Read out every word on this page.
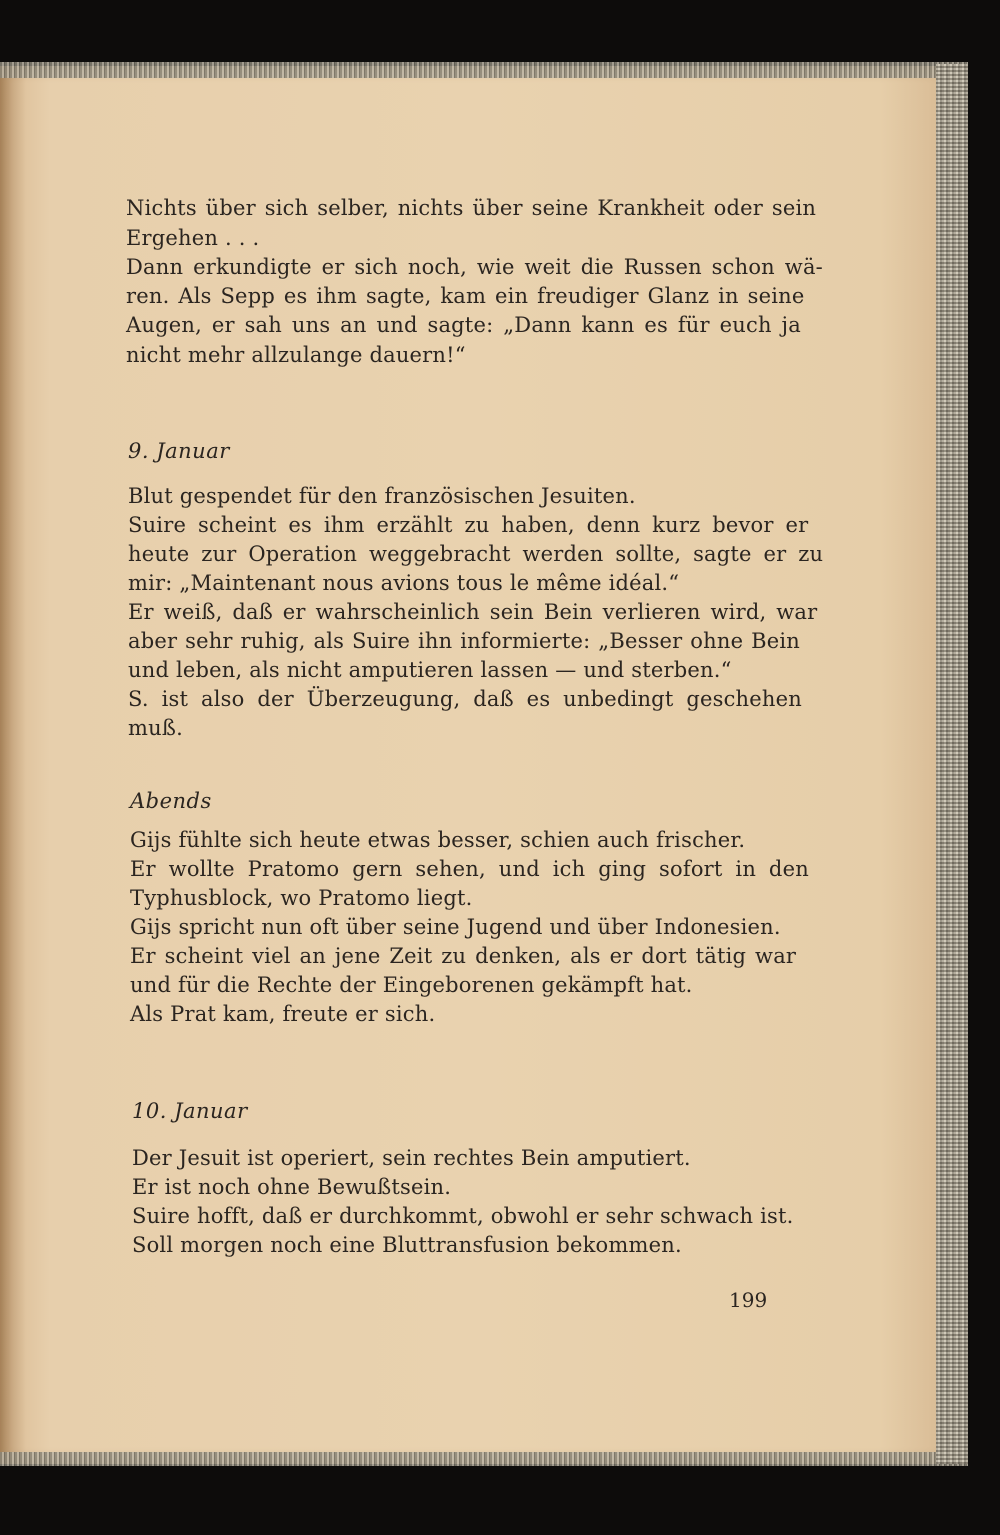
Nichts über sich selber, nichts über seine Krankheit oder sein
Ergehen . . .
Dann erkundigte er sich noch, wie weit die Russen schon wä-
ren. Als Sepp es ihm sagte, kam ein freudiger Glanz in seine
Augen, er sah uns an und sagte: „Dann kann es für euch ja
nicht mehr allzulange dauern!“
9. Januar
Blut gespendet für den französischen Jesuiten.
Suire scheint es ihm erzählt zu haben, denn kurz bevor er
heute zur Operation weggebracht werden sollte, sagte er zu
mir: „Maintenant nous avions tous le même idéal.“
Er weiß, daß er wahrscheinlich sein Bein verlieren wird, war
aber sehr ruhig, als Suire ihn informierte: „Besser ohne Bein
und leben, als nicht amputieren lassen — und sterben.“
S. ist also der Überzeugung, daß es unbedingt geschehen
muß.
Abends
Gijs fühlte sich heute etwas besser, schien auch frischer.
Er wollte Pratomo gern sehen, und ich ging sofort in den
Typhusblock, wo Pratomo liegt.
Gijs spricht nun oft über seine Jugend und über Indonesien.
Er scheint viel an jene Zeit zu denken, als er dort tätig war
und für die Rechte der Eingeborenen gekämpft hat.
Als Prat kam, freute er sich.
10. Januar
Der Jesuit ist operiert, sein rechtes Bein amputiert.
Er ist noch ohne Bewußtsein.
Suire hofft, daß er durchkommt, obwohl er sehr schwach ist.
Soll morgen noch eine Bluttransfusion bekommen.
199
